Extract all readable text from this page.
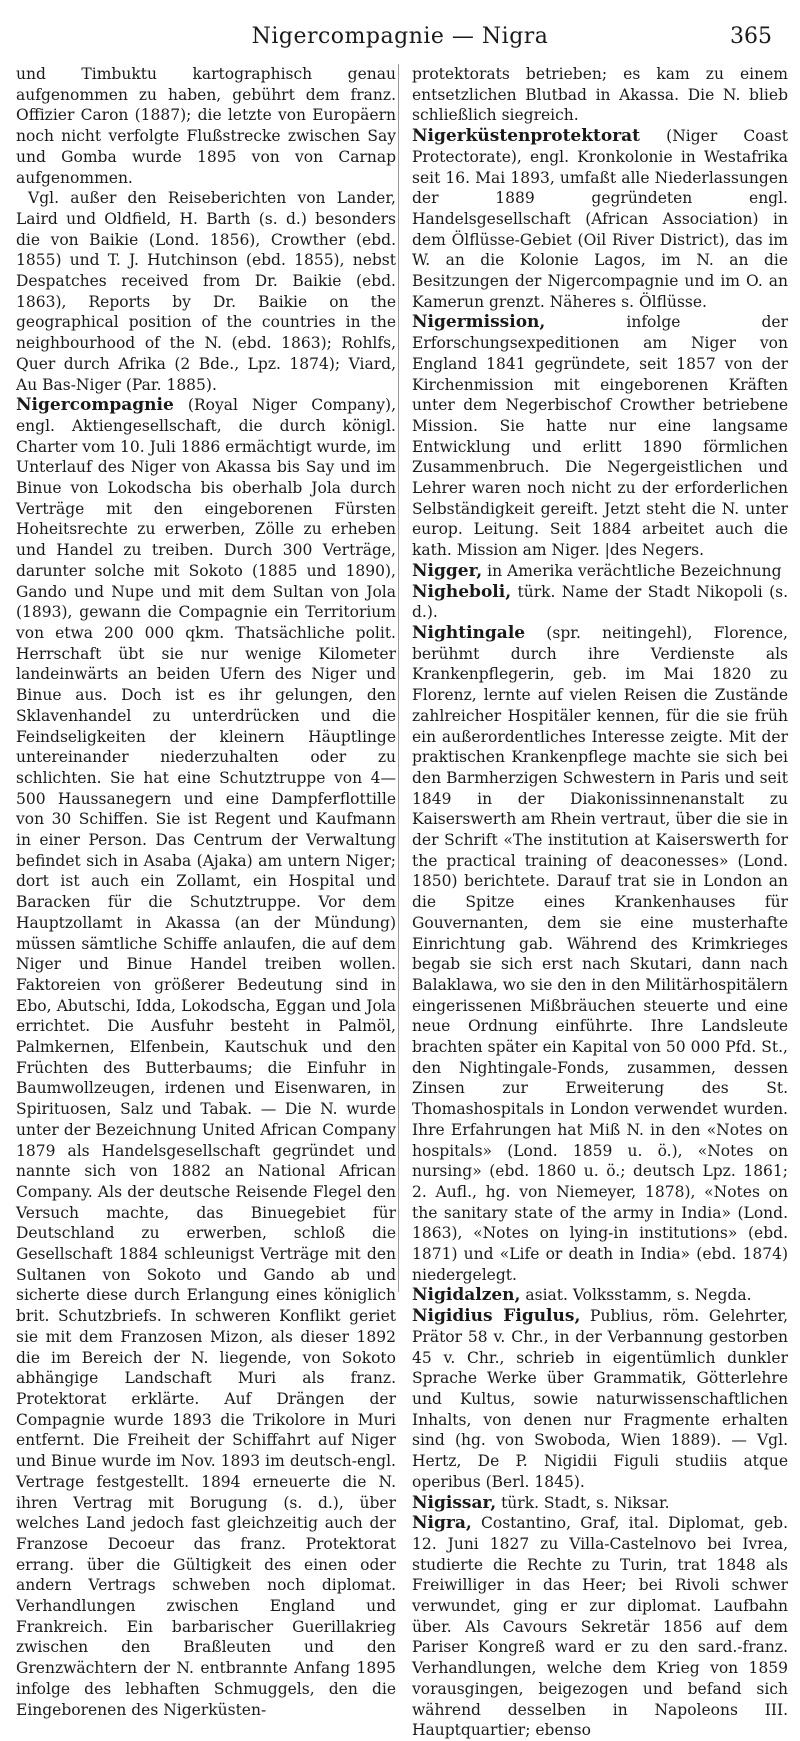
Nigercompagnie — Nigra	365

und Timbuktu kartographisch genau aufgenommen zu haben, gebührt dem franz. Offizier Caron (1887); die letzte von Europäern noch nicht verfolgte Flußstrecke zwischen Say und Gomba wurde 1895 von von Carnap aufgenommen.

Vgl. außer den Reiseberichten von Lander, Laird und Oldfield, H. Barth (s. d.) besonders die von Baikie (Lond. 1856), Crowther (ebd. 1855) und T. J. Hutchinson (ebd. 1855), nebst Despatches received from Dr. Baikie (ebd. 1863), Reports by Dr. Baikie on the geographical position of the countries in the neighbourhood of the N. (ebd. 1863); Rohlfs, Quer durch Afrika (2 Bde., Lpz. 1874); Viard, Au Bas-Niger (Par. 1885).

Nigercompagnie (Royal Niger Company), engl. Aktiengesellschaft, die durch königl. Charter vom 10. Juli 1886 ermächtigt wurde, im Unterlauf des Niger von Akassa bis Say und im Binue von Lokodscha bis oberhalb Jola durch Verträge mit den eingeborenen Fürsten Hoheitsrechte zu erwerben, Zölle zu erheben und Handel zu treiben. Durch 300 Verträge, darunter solche mit Sokoto (1885 und 1890), Gando und Nupe und mit dem Sultan von Jola (1893), gewann die Compagnie ein Territorium von etwa 200 000 qkm. Thatsächliche polit. Herrschaft übt sie nur wenige Kilometer landeinwärts an beiden Ufern des Niger und Binue aus. Doch ist es ihr gelungen, den Sklavenhandel zu unterdrücken und die Feindseligkeiten der kleinern Häuptlinge untereinander niederzuhalten oder zu schlichten. Sie hat eine Schutztruppe von 4—500 Haussanegern und eine Dampferflottille von 30 Schiffen. Sie ist Regent und Kaufmann in einer Person. Das Centrum der Verwaltung befindet sich in Asaba (Ajaka) am untern Niger; dort ist auch ein Zollamt, ein Hospital und Baracken für die Schutztruppe. Vor dem Hauptzollamt in Akassa (an der Mündung) müssen sämtliche Schiffe anlaufen, die auf dem Niger und Binue Handel treiben wollen. Faktoreien von größerer Bedeutung sind in Ebo, Abutschi, Idda, Lokodscha, Eggan und Jola errichtet. Die Ausfuhr besteht in Palmöl, Palmkernen, Elfenbein, Kautschuk und den Früchten des Butterbaums; die Einfuhr in Baumwollzeugen, irdenen und Eisenwaren, in Spirituosen, Salz und Tabak. — Die N. wurde unter der Bezeichnung United African Company 1879 als Handelsgesellschaft gegründet und nannte sich von 1882 an National African Company. Als der deutsche Reisende Flegel den Versuch machte, das Binuegebiet für Deutschland zu erwerben, schloß die Gesellschaft 1884 schleunigst Verträge mit den Sultanen von Sokoto und Gando ab und sicherte diese durch Erlangung eines königlich brit. Schutzbriefs. In schweren Konflikt geriet sie mit dem Franzosen Mizon, als dieser 1892 die im Bereich der N. liegende, von Sokoto abhängige Landschaft Muri als franz. Protektorat erklärte. Auf Drängen der Compagnie wurde 1893 die Trikolore in Muri entfernt. Die Freiheit der Schiffahrt auf Niger und Binue wurde im Nov. 1893 im deutsch-engl. Vertrage festgestellt. 1894 erneuerte die N. ihren Vertrag mit Borugung (s. d.), über welches Land jedoch fast gleichzeitig auch der Franzose Decoeur das franz. Protektorat errang. über die Gültigkeit des einen oder andern Vertrags schweben noch diplomat. Verhandlungen zwischen England und Frankreich. Ein barbarischer Guerillakrieg zwischen den Braßleuten und den Grenzwächtern der N. entbrannte Anfang 1895 infolge des lebhaften Schmuggels, den die Eingeborenen des Nigerküsten-

protektorats betrieben; es kam zu einem entsetzlichen Blutbad in Akassa. Die N. blieb schließlich siegreich.

Nigerküstenprotektorat (Niger Coast Protectorate), engl. Kronkolonie in Westafrika seit 16. Mai 1893, umfaßt alle Niederlassungen der 1889 gegründeten engl. Handelsgesellschaft (African Association) in dem Ölflüsse-Gebiet (Oil River District), das im W. an die Kolonie Lagos, im N. an die Besitzungen der Nigercompagnie und im O. an Kamerun grenzt. Näheres s. Ölflüsse.

Nigermission, infolge der Erforschungsexpeditionen am Niger von England 1841 gegründete, seit 1857 von der Kirchenmission mit eingeborenen Kräften unter dem Negerbischof Crowther betriebene Mission. Sie hatte nur eine langsame Entwicklung und erlitt 1890 förmlichen Zusammenbruch. Die Negergeistlichen und Lehrer waren noch nicht zu der erforderlichen Selbständigkeit gereift. Jetzt steht die N. unter europ. Leitung. Seit 1884 arbeitet auch die kath. Mission am Niger. |des Negers.

Nigger, in Amerika verächtliche Bezeichnung

Nigheboli, türk. Name der Stadt Nikopoli (s. d.).

Nightingale (spr. neitingehl), Florence, berühmt durch ihre Verdienste als Krankenpflegerin, geb. im Mai 1820 zu Florenz, lernte auf vielen Reisen die Zustände zahlreicher Hospitäler kennen, für die sie früh ein außerordentliches Interesse zeigte. Mit der praktischen Krankenpflege machte sie sich bei den Barmherzigen Schwestern in Paris und seit 1849 in der Diakonissinnenanstalt zu Kaiserswerth am Rhein vertraut, über die sie in der Schrift «The institution at Kaiserswerth for the practical training of deaconesses» (Lond. 1850) berichtete. Darauf trat sie in London an die Spitze eines Krankenhauses für Gouvernanten, dem sie eine musterhafte Einrichtung gab. Während des Krimkrieges begab sie sich erst nach Skutari, dann nach Balaklawa, wo sie den in den Militärhospitälern eingerissenen Mißbräuchen steuerte und eine neue Ordnung einführte. Ihre Landsleute brachten später ein Kapital von 50 000 Pfd. St., den Nightingale-Fonds, zusammen, dessen Zinsen zur Erweiterung des St. Thomashospitals in London verwendet wurden. Ihre Erfahrungen hat Miß N. in den «Notes on hospitals» (Lond. 1859 u. ö.), «Notes on nursing» (ebd. 1860 u. ö.; deutsch Lpz. 1861; 2. Aufl., hg. von Niemeyer, 1878), «Notes on the sanitary state of the army in India» (Lond. 1863), «Notes on lying-in institutions» (ebd. 1871) und «Life or death in India» (ebd. 1874) niedergelegt.

Nigidalzen, asiat. Volksstamm, s. Negda.

Nigidius Figulus, Publius, röm. Gelehrter, Prätor 58 v. Chr., in der Verbannung gestorben 45 v. Chr., schrieb in eigentümlich dunkler Sprache Werke über Grammatik, Götterlehre und Kultus, sowie naturwissenschaftlichen Inhalts, von denen nur Fragmente erhalten sind (hg. von Swoboda, Wien 1889). — Vgl. Hertz, De P. Nigidii Figuli studiis atque operibus (Berl. 1845).

Nigissar, türk. Stadt, s. Niksar.

Nigra, Costantino, Graf, ital. Diplomat, geb. 12. Juni 1827 zu Villa-Castelnovo bei Ivrea, studierte die Rechte zu Turin, trat 1848 als Freiwilliger in das Heer; bei Rivoli schwer verwundet, ging er zur diplomat. Laufbahn über. Als Cavours Sekretär 1856 auf dem Pariser Kongreß ward er zu den sard.-franz. Verhandlungen, welche dem Krieg von 1859 vorausgingen, beigezogen und befand sich während desselben in Napoleons III. Hauptquartier; ebenso
